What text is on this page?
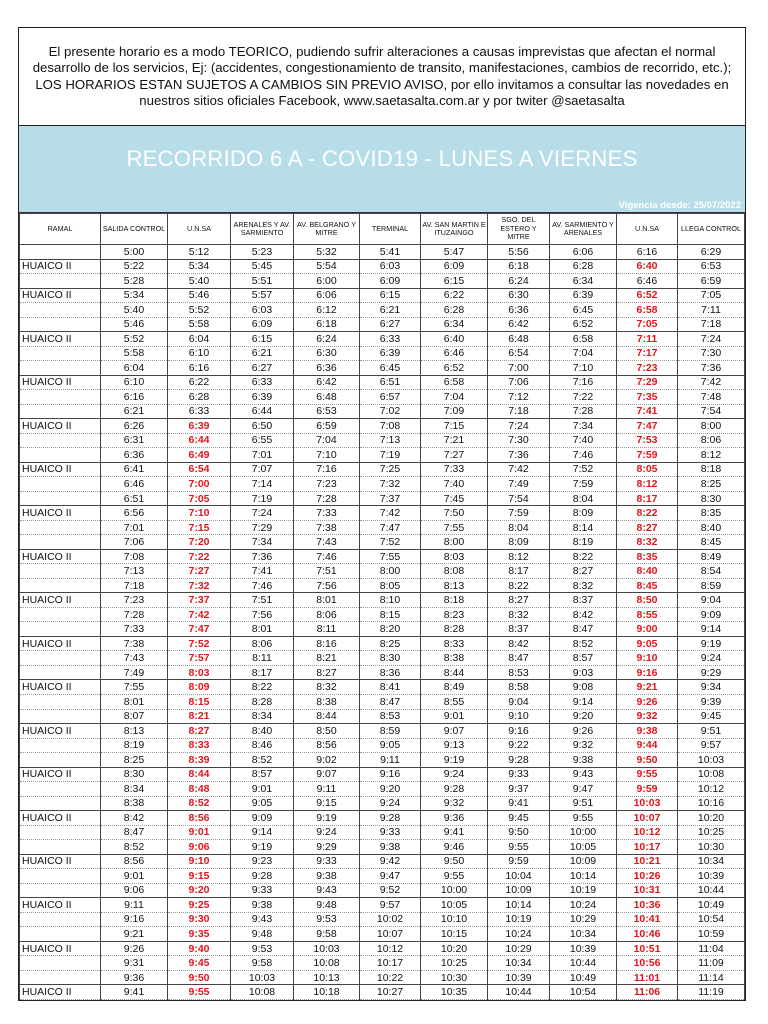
El presente horario es a modo TEORICO, pudiendo sufrir alteraciones a causas imprevistas que afectan el normal desarrollo de los servicios, Ej: (accidentes, congestionamiento de transito, manifestaciones, cambios de recorrido, etc.); LOS HORARIOS ESTAN SUJETOS A CAMBIOS SIN PREVIO AVISO, por ello invitamos a consultar las novedades en nuestros sitios oficiales Facebook, www.saetasalta.com.ar y por twiter @saetasalta
RECORRIDO 6 A - COVID19 - LUNES A VIERNES
Vigencia desde: 25/07/2022
RAMAL	SALIDA CONTROL	U.N.SA	ARENALES Y AV. SARMIENTO	AV. BELGRANO Y MITRE	TERMINAL	AV. SAN MARTIN E ITUZAINGO	SGO. DEL ESTERO Y MITRE	AV. SARMIENTO Y ARENALES	U.N.SA	LLEGA CONTROL
	5:00	5:12	5:23	5:32	5:41	5:47	5:56	6:06	6:16	6:29
HUAICO II	5:22	5:34	5:45	5:54	6:03	6:09	6:18	6:28	6:40	6:53
	5:28	5:40	5:51	6:00	6:09	6:15	6:24	6:34	6:46	6:59
HUAICO II	5:34	5:46	5:57	6:06	6:15	6:22	6:30	6:39	6:52	7:05
	5:40	5:52	6:03	6:12	6:21	6:28	6:36	6:45	6:58	7:11
	5:46	5:58	6:09	6:18	6:27	6:34	6:42	6:52	7:05	7:18
HUAICO II	5:52	6:04	6:15	6:24	6:33	6:40	6:48	6:58	7:11	7:24
	5:58	6:10	6:21	6:30	6:39	6:46	6:54	7:04	7:17	7:30
	6:04	6:16	6:27	6:36	6:45	6:52	7:00	7:10	7:23	7:36
HUAICO II	6:10	6:22	6:33	6:42	6:51	6:58	7:06	7:16	7:29	7:42
	6:16	6:28	6:39	6:48	6:57	7:04	7:12	7:22	7:35	7:48
	6:21	6:33	6:44	6:53	7:02	7:09	7:18	7:28	7:41	7:54
HUAICO II	6:26	6:39	6:50	6:59	7:08	7:15	7:24	7:34	7:47	8:00
	6:31	6:44	6:55	7:04	7:13	7:21	7:30	7:40	7:53	8:06
	6:36	6:49	7:01	7:10	7:19	7:27	7:36	7:46	7:59	8:12
HUAICO II	6:41	6:54	7:07	7:16	7:25	7:33	7:42	7:52	8:05	8:18
	6:46	7:00	7:14	7:23	7:32	7:40	7:49	7:59	8:12	8:25
	6:51	7:05	7:19	7:28	7:37	7:45	7:54	8:04	8:17	8:30
HUAICO II	6:56	7:10	7:24	7:33	7:42	7:50	7:59	8:09	8:22	8:35
	7:01	7:15	7:29	7:38	7:47	7:55	8:04	8:14	8:27	8:40
	7:06	7:20	7:34	7:43	7:52	8:00	8:09	8:19	8:32	8:45
HUAICO II	7:08	7:22	7:36	7:46	7:55	8:03	8:12	8:22	8:35	8:49
	7:13	7:27	7:41	7:51	8:00	8:08	8:17	8:27	8:40	8:54
	7:18	7:32	7:46	7:56	8:05	8:13	8:22	8:32	8:45	8:59
HUAICO II	7:23	7:37	7:51	8:01	8:10	8:18	8:27	8:37	8:50	9:04
	7:28	7:42	7:56	8:06	8:15	8:23	8:32	8:42	8:55	9:09
	7:33	7:47	8:01	8:11	8:20	8:28	8:37	8:47	9:00	9:14
HUAICO II	7:38	7:52	8:06	8:16	8:25	8:33	8:42	8:52	9:05	9:19
	7:43	7:57	8:11	8:21	8:30	8:38	8:47	8:57	9:10	9:24
	7:49	8:03	8:17	8:27	8:36	8:44	8:53	9:03	9:16	9:29
HUAICO II	7:55	8:09	8:22	8:32	8:41	8:49	8:58	9:08	9:21	9:34
	8:01	8:15	8:28	8:38	8:47	8:55	9:04	9:14	9:26	9:39
	8:07	8:21	8:34	8:44	8:53	9:01	9:10	9:20	9:32	9:45
HUAICO II	8:13	8:27	8:40	8:50	8:59	9:07	9:16	9:26	9:38	9:51
	8:19	8:33	8:46	8:56	9:05	9:13	9:22	9:32	9:44	9:57
	8:25	8:39	8:52	9:02	9:11	9:19	9:28	9:38	9:50	10:03
HUAICO II	8:30	8:44	8:57	9:07	9:16	9:24	9:33	9:43	9:55	10:08
	8:34	8:48	9:01	9:11	9:20	9:28	9:37	9:47	9:59	10:12
	8:38	8:52	9:05	9:15	9:24	9:32	9:41	9:51	10:03	10:16
HUAICO II	8:42	8:56	9:09	9:19	9:28	9:36	9:45	9:55	10:07	10:20
	8:47	9:01	9:14	9:24	9:33	9:41	9:50	10:00	10:12	10:25
	8:52	9:06	9:19	9:29	9:38	9:46	9:55	10:05	10:17	10:30
HUAICO II	8:56	9:10	9:23	9:33	9:42	9:50	9:59	10:09	10:21	10:34
	9:01	9:15	9:28	9:38	9:47	9:55	10:04	10:14	10:26	10:39
	9:06	9:20	9:33	9:43	9:52	10:00	10:09	10:19	10:31	10:44
HUAICO II	9:11	9:25	9:38	9:48	9:57	10:05	10:14	10:24	10:36	10:49
	9:16	9:30	9:43	9:53	10:02	10:10	10:19	10:29	10:41	10:54
	9:21	9:35	9:48	9:58	10:07	10:15	10:24	10:34	10:46	10:59
HUAICO II	9:26	9:40	9:53	10:03	10:12	10:20	10:29	10:39	10:51	11:04
	9:31	9:45	9:58	10:08	10:17	10:25	10:34	10:44	10:56	11:09
	9:36	9:50	10:03	10:13	10:22	10:30	10:39	10:49	11:01	11:14
HUAICO II	9:41	9:55	10:08	10:18	10:27	10:35	10:44	10:54	11:06	11:19
